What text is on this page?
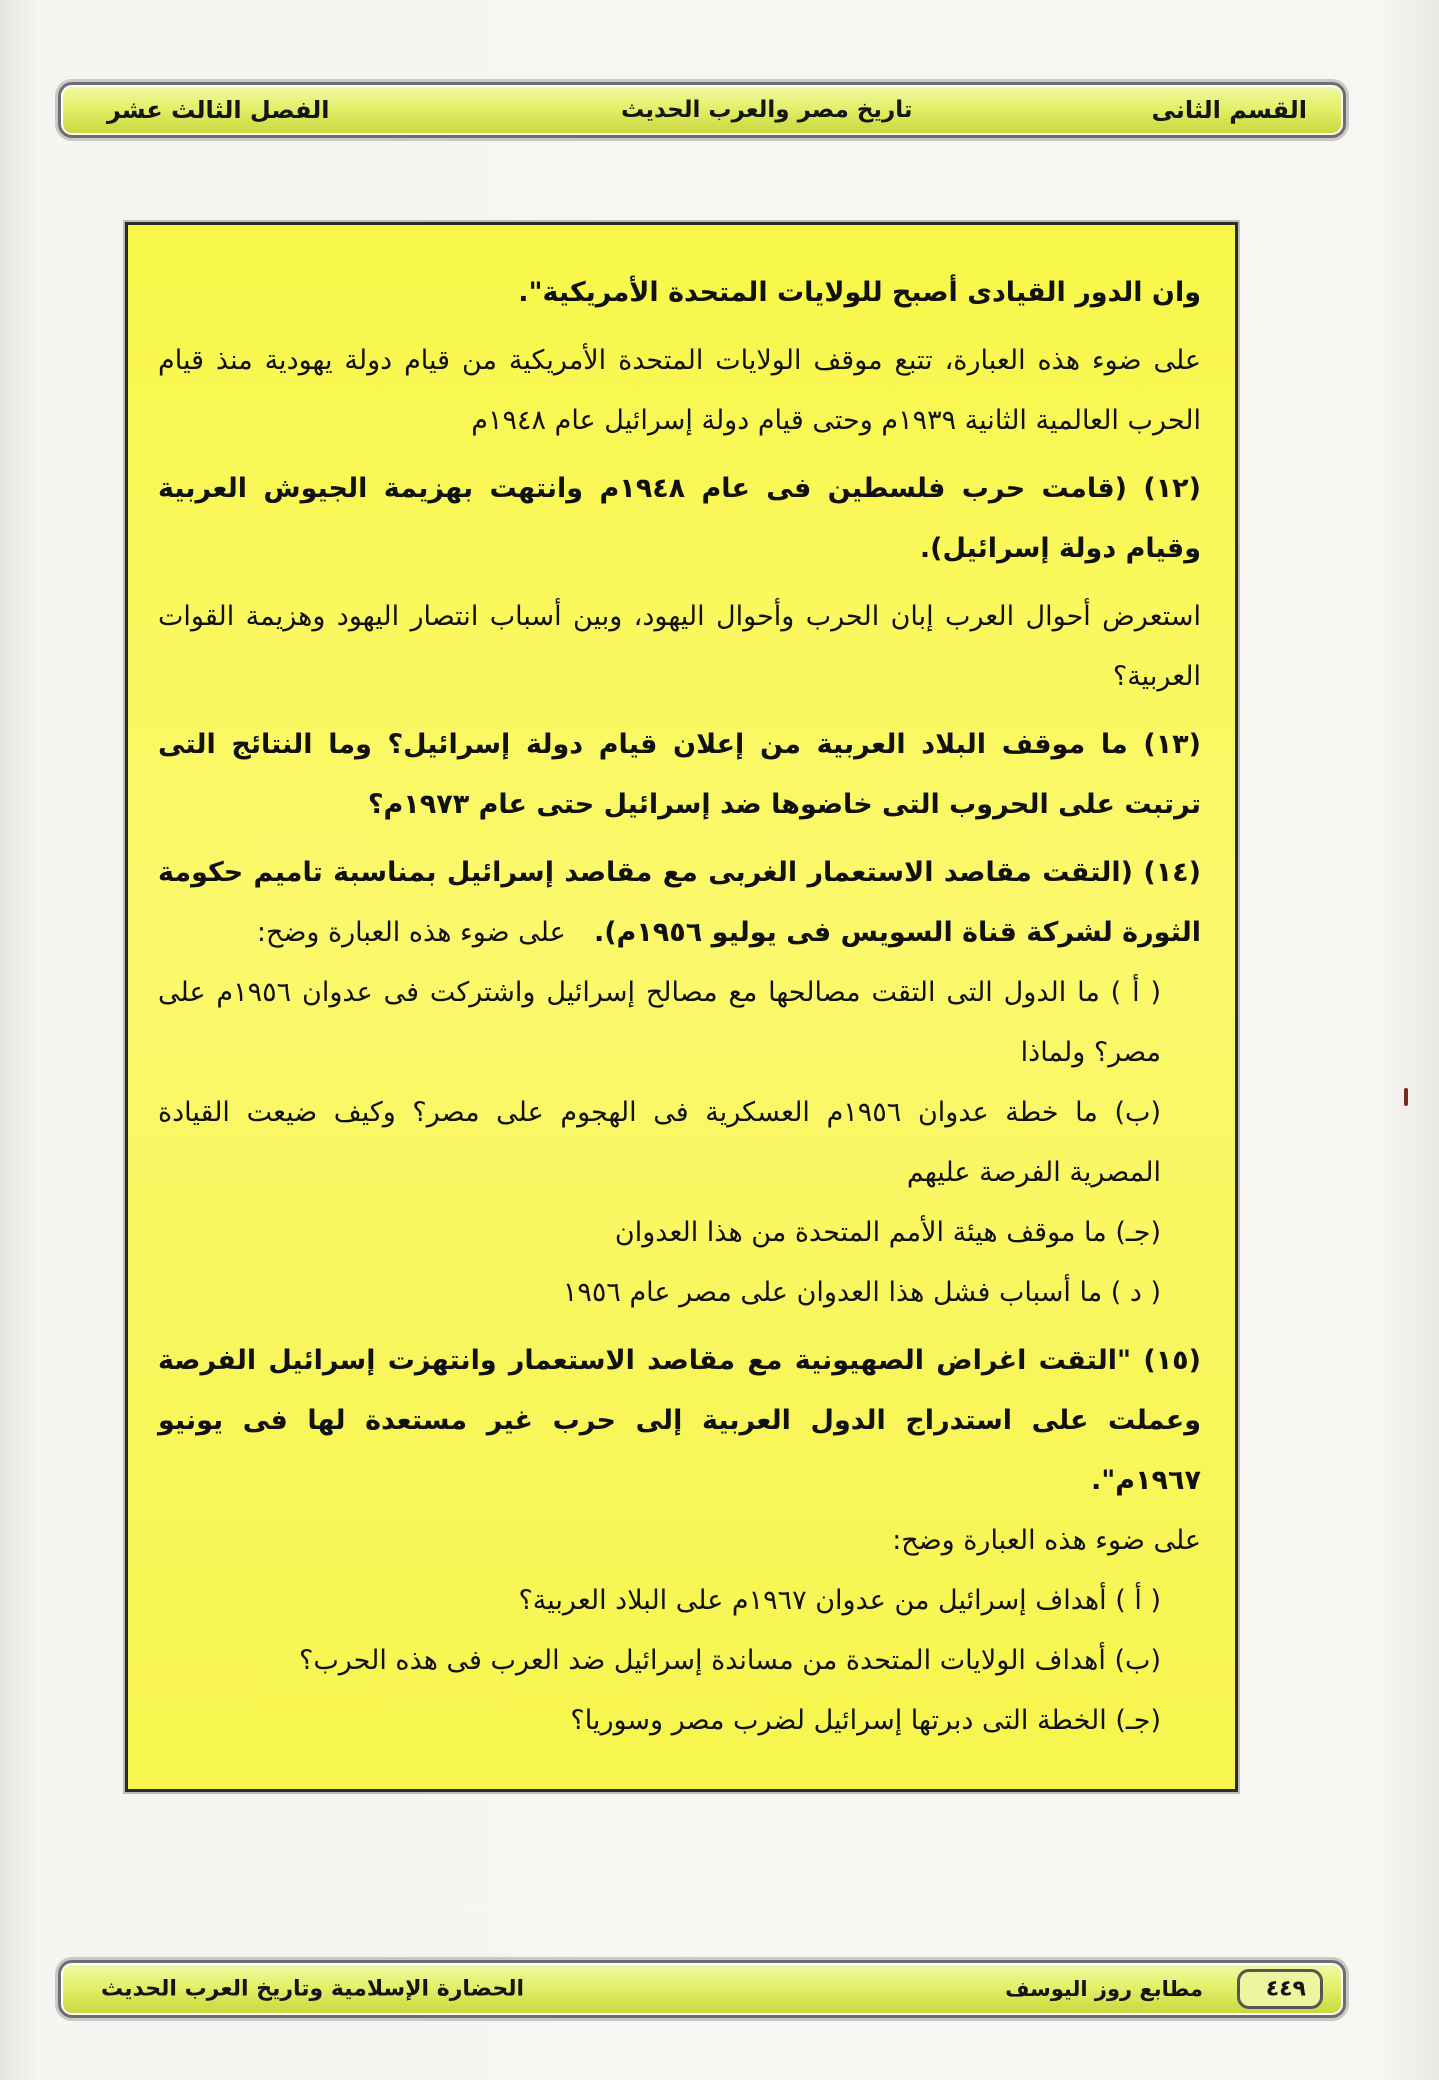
القسم الثانى
تاريخ مصر والعرب الحديث
الفصل الثالث عشر

وان الدور القيادى أصبح للولايات المتحدة الأمريكية".

على ضوء هذه العبارة، تتبع موقف الولايات المتحدة الأمريكية من قيام دولة يهودية منذ قيام الحرب العالمية الثانية ١٩٣٩م وحتى قيام دولة إسرائيل عام ١٩٤٨م

(١٢) (قامت حرب فلسطين فى عام ١٩٤٨م وانتهت بهزيمة الجيوش العربية وقيام دولة إسرائيل).

استعرض أحوال العرب إبان الحرب وأحوال اليهود، وبين أسباب انتصار اليهود وهزيمة القوات العربية؟

(١٣) ما موقف البلاد العربية من إعلان قيام دولة إسرائيل؟ وما النتائج التى ترتبت على الحروب التى خاضوها ضد إسرائيل حتى عام ١٩٧٣م؟

(١٤) (التقت مقاصد الاستعمار الغربى مع مقاصد إسرائيل بمناسبة تاميم حكومة الثورة لشركة قناة السويس فى يوليو ١٩٥٦م).   على ضوء هذه العبارة وضح:

( أ ) ما الدول التى التقت مصالحها مع مصالح إسرائيل واشتركت فى عدوان ١٩٥٦م على مصر؟ ولماذا

(ب) ما خطة عدوان ١٩٥٦م العسكرية فى الهجوم على مصر؟ وكيف ضيعت القيادة المصرية الفرصة عليهم

(جـ) ما موقف هيئة الأمم المتحدة من هذا العدوان

( د ) ما أسباب فشل هذا العدوان على مصر عام ١٩٥٦

(١٥) "التقت اغراض الصهيونية مع مقاصد الاستعمار وانتهزت إسرائيل الفرصة وعملت على استدراج الدول العربية إلى حرب غير مستعدة لها فى يونيو ١٩٦٧م".

على ضوء هذه العبارة وضح:

( أ ) أهداف إسرائيل من عدوان ١٩٦٧م على البلاد العربية؟

(ب) أهداف الولايات المتحدة من مساندة إسرائيل ضد العرب فى هذه الحرب؟

(جـ) الخطة التى دبرتها إسرائيل لضرب مصر وسوريا؟

٤٤٩
مطابع روز اليوسف
الحضارة الإسلامية وتاريخ العرب الحديث
